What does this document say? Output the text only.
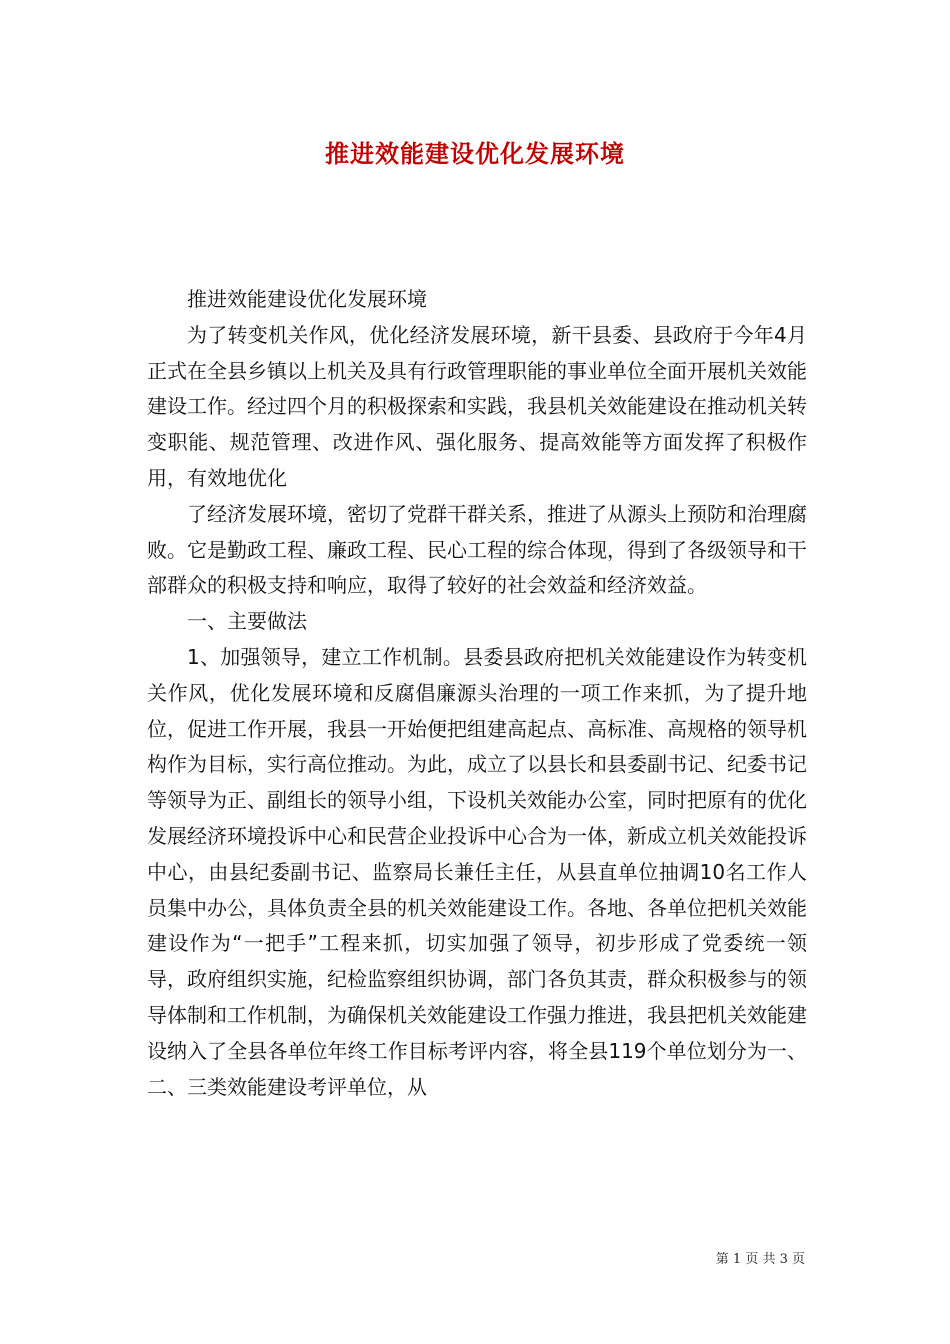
推进效能建设优化发展环境

推进效能建设优化发展环境

为了转变机关作风，优化经济发展环境，新干县委、县政府于今年4月正式在全县乡镇以上机关及具有行政管理职能的事业单位全面开展机关效能建设工作。经过四个月的积极探索和实践，我县机关效能建设在推动机关转变职能、规范管理、改进作风、强化服务、提高效能等方面发挥了积极作用，有效地优化

了经济发展环境，密切了党群干群关系，推进了从源头上预防和治理腐败。它是勤政工程、廉政工程、民心工程的综合体现，得到了各级领导和干部群众的积极支持和响应，取得了较好的社会效益和经济效益。

一、主要做法

1、加强领导，建立工作机制。县委县政府把机关效能建设作为转变机关作风，优化发展环境和反腐倡廉源头治理的一项工作来抓，为了提升地位，促进工作开展，我县一开始便把组建高起点、高标准、高规格的领导机构作为目标，实行高位推动。为此，成立了以县长和县委副书记、纪委书记等领导为正、副组长的领导小组，下设机关效能办公室，同时把原有的优化发展经济环境投诉中心和民营企业投诉中心合为一体，新成立机关效能投诉中心，由县纪委副书记、监察局长兼任主任，从县直单位抽调10名工作人员集中办公，具体负责全县的机关效能建设工作。各地、各单位把机关效能建设作为“一把手”工程来抓，切实加强了领导，初步形成了党委统一领导，政府组织实施，纪检监察组织协调，部门各负其责，群众积极参与的领导体制和工作机制，为确保机关效能建设工作强力推进，我县把机关效能建设纳入了全县各单位年终工作目标考评内容，将全县119个单位划分为一、二、三类效能建设考评单位，从

第 1 页 共 3 页
